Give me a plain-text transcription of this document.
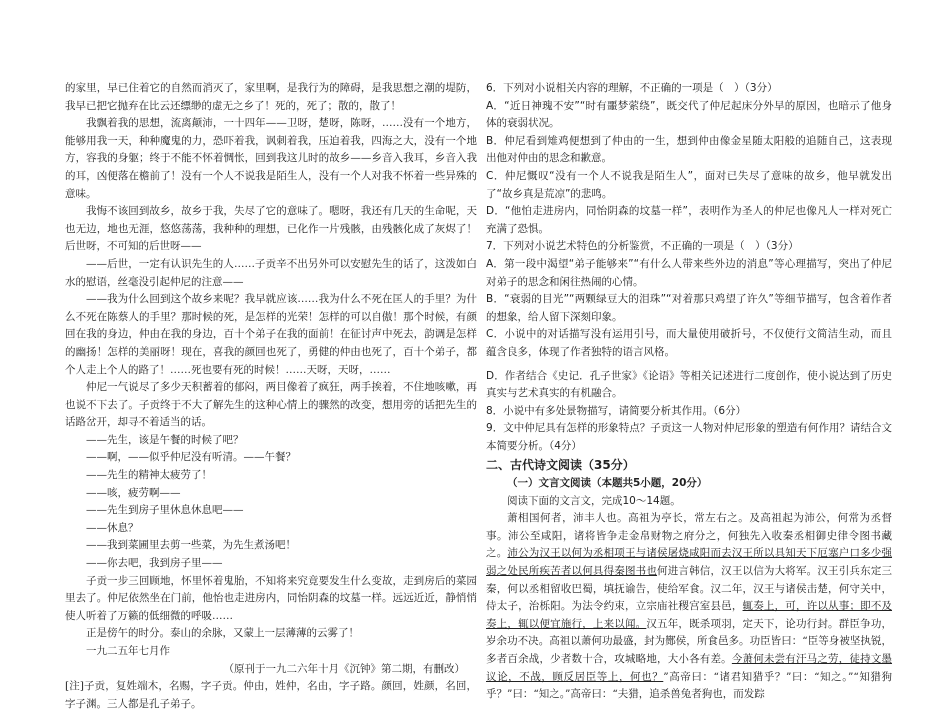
的家里，早已住着它的自然而消灭了，家里啊，是我行为的障碍，是我思想之潮的堤防，我早已把它抛弃在比云还缥缈的虚无之乡了！死的，死了；散的，散了！

我飘着我的思想，流离颠沛，一十四年——卫呀，楚呀，陈呀，……没有一个地方，能够用我一天，种种魔鬼的力，恐吓着我，讽刺着我，压迫着我，四海之大，没有一个地方，容我的身躯；终于不能不怀着惆怅，回到我这儿时的故乡——乡音入我耳，乡音入我的耳，凶便落在檐前了！没有一个人不说我是陌生人，没有一个人对我不怀着一些异殊的意味。

我悔不该回到故乡，故乡于我，失尽了它的意味了。嗯呀，我还有几天的生命呢，天也无边，地也无涯，悠悠荡荡，我种种的理想，已化作一片残骸，由残骸化成了灰烬了！后世呀，不可知的后世呀——

——后世，一定有认识先生的人……子贡辛不出另外可以安慰先生的话了，这泼如白水的慰语，丝毫没引起仲尼的注意——

——我为什么回到这个故乡来呢？我早就应该……我为什么不死在匡人的手里？为什么不死在陈蔡人的手里？那时候的死，是怎样的光荣！怎样的可以自傲！那个时候，有颜回在我的身边，仲由在我的身边，百十个弟子在我的面前！在征讨声中死去，韵调是怎样的幽扬！怎样的美丽呀！现在，喜我的颜回也死了，勇健的仲由也死了，百十个弟子，都个人走上个人的路了！……死也要有死的时候！……天呀，天呀，……

仲尼一气说尽了多少天积蓄着的郁闷，两目像着了疯狂，两手挨着，不住地咳嗽，再也说不下去了。子贡终于不大了解先生的这种心情上的骤然的改变，想用旁的话把先生的话路岔开，却寻不着适当的话。

——先生，该是午餐的时候了吧？

——啊，——似乎仲尼没有听清。——午餐？

——先生的精神太疲劳了！

——咳，疲劳啊——

——先生到房子里休息休息吧——

——休息？

——我到菜圃里去剪一些菜，为先生煮汤吧！

——你去吧，我到房子里——

子贡一步三回顾地，怀里怀着鬼胎，不知将来究竟要发生什么变故，走到房后的菜园里去了。仲尼依然坐在门前，他怡也走进房内，同怡阴森的坟墓一样。远远近近，静悄悄使人听着了万籁的低细微的呼吸……

正是傍午的时分。泰山的余脉，又蒙上一层薄薄的云雾了！

一九二五年七月作

（原刊于一九二六年十月《沉钟》第二期，有删改）

[注]子贡，复姓端木，名赐，字子贡。仲由，姓仲，名由，字子路。颜回，姓颜，名回，字子渊。三人都是孔子弟子。

6．下列对小说相关内容的理解，不正确的一项是（　）（3分）

A．“近日神瑰不安”“时有噩梦萦绕”，既交代了仲尼起床分外早的原因，也暗示了他身体的衰弱状况。

B．仲尼看到雉鸡便想到了仲由的一生，想到仲由像金星随太阳般的追随自己，这表现出他对仲由的思念和歉意。

C．仲尼慨叹“没有一个人不说我是陌生人”，面对已失尽了意味的故乡，他早就发出了“故乡真是荒凉”的悲鸣。

D．“他怕走进房内，同怡阴森的坟墓一样”，表明作为圣人的仲尼也像凡人一样对死亡充满了恐惧。

7．下列对小说艺术特色的分析鉴赏，不正确的一项是（　）（3分）

A．第一段中渴望“弟子能够来”“有什么人带来些外边的消息”等心理描写，突出了仲尼对弟子的思念和闲往热闹的心情。

B．“衰弱的目光”“两颗绿豆大的泪珠”“对着那只鸡望了许久”等细节描写，包含着作者的想象，给人留下深刻印象。

C．小说中的对话描写没有运用引号，而大量使用破折号，不仅使行文简洁生动，而且蕴含良多，体现了作者独特的语言风格。

D．作者结合《史记．孔子世家》《论语》等相关记述进行二度创作，使小说达到了历史真实与艺术真实的有机融合。

8．小说中有多处景物描写，请简要分析其作用。（6分）

9．文中仲尼具有怎样的形象特点？子贡这一人物对仲尼形象的塑造有何作用？请结合文本简要分析。（4分）

二、古代诗文阅读（35分）

（一）文言文阅读（本题共5小题，20分）

阅读下面的文言文，完成10～14题。

萧相国何者，沛丰人也。高祖为亭长，常左右之。及高祖起为沛公，何常为丞督事。沛公至咸阳，诸将皆争走金帛财物之府分之，何独先入收秦丞相御史律令图书藏之。沛公为汉王以何为丞相项王与诸侯屠烧咸阳而去汉王所以具知天下厄塞户口多少强弱之处民所疾苦者以何具得秦图书也何进言韩信，汉王以信为大将军。汉王引兵东定三秦，何以丞相留收巴蜀，填抚谕告，使给军食。汉二年，汉王与诸侯击楚，何守关中，侍太子，治栎阳。为法令约束，立宗庙社稷宫室县邑，辄奏上，可，许以从事；即不及奏上，辄以便宜施行，上来以闻。汉五年，既杀项羽，定天下，论功行封。群臣争功，岁余功不决。高祖以萧何功最盛，封为酂侯，所食邑多。功臣皆曰：“臣等身被坚执锐，多者百余战，少者数十合，攻城略地，大小各有差。今萧何未尝有汗马之劳，徒持文墨议论，不战，顾反居臣等上，何也？”高帝曰：“诸君知猎乎？”曰：“知之。”“知猎狗乎？”曰：“知之。”高帝曰：“夫猎，追杀兽兔者狗也，而发踪
